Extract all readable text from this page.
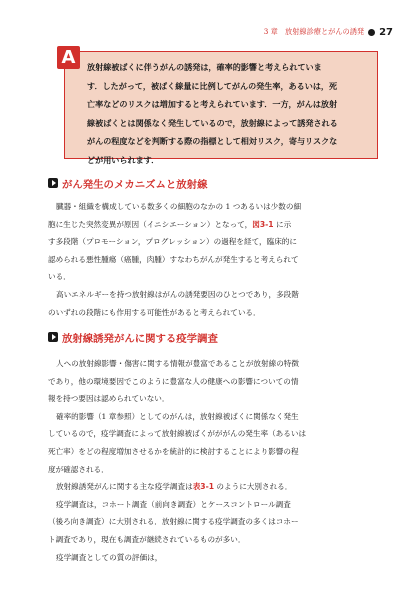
3 章　放射線診療とがんの誘発 27
A	放射線被ばくに伴うがんの誘発は，確率的影響と考えられていま
す．したがって，被ばく線量に比例してがんの発生率，あるいは，死
亡率などのリスクは増加すると考えられています．一方，がんは放射
線被ばくとは関係なく発生しているので，放射線によって誘発される
がんの程度などを判断する際の指標として相対リスク，寄与リスクな
どが用いられます．

がん発生のメカニズムと放射線
臓器・組織を構成している数多くの細胞のなかの 1 つあるいは少数の細
胞に生じた突然変異が原因（イニシエーション）となって，図3-1 に示
す多段階（プロモーション，プログレッション）の過程を経て，臨床的に
認められる悪性腫瘍（癌腫，肉腫）すなわちがんが発生すると考えられて
いる．
高いエネルギーを持つ放射線はがんの誘発要因のひとつであり，多段階
のいずれの段階にも作用する可能性があると考えられている．
放射線誘発がんに関する疫学調査
人への放射線影響・傷害に関する情報が豊富であることが放射線の特徴
であり，他の環境要因でこのように豊富な人の健康への影響についての情
報を持つ要因は認められていない．
確率的影響（1 章参照）としてのがんは，放射線被ばくに関係なく発生
しているので，疫学調査によって放射線被ばくがががんの発生率（あるいは
死亡率）をどの程度増加させるかを統計的に検討することにより影響の程
度が確認される．
放射線誘発がんに関する主な疫学調査は表3-1 のように大別される．
疫学調査は，コホート調査（前向き調査）とケースコントロール調査
（後ろ向き調査）に大別される．放射線に関する疫学調査の多くはコホー
ト調査であり，現在も調査が継続されているものが多い．
疫学調査としての質の評価は，
